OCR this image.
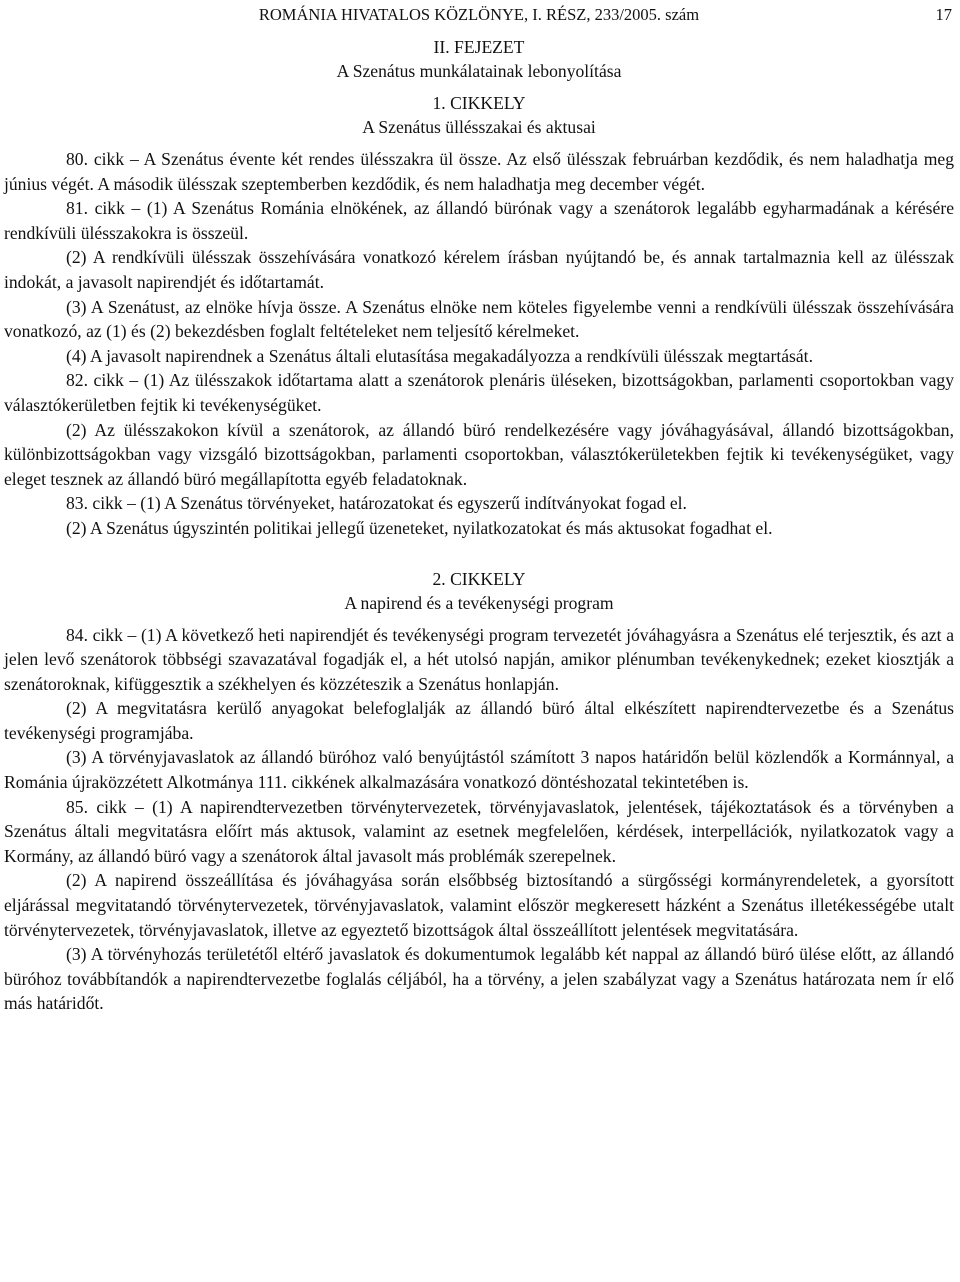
ROMÁNIA HIVATALOS KÖZLÖNYE, I. RÉSZ, 233/2005. szám	17
II. FEJEZET
A Szenátus munkálatainak lebonyolítása
1. CIKKELY
A Szenátus üllésszakai és aktusai

80. cikk – A Szenátus évente két rendes ülésszakra ül össze. Az első ülésszak februárban kezdődik, és nem haladhatja meg június végét. A második ülésszak szeptemberben kezdődik, és nem haladhatja meg december végét.

81. cikk – (1) A Szenátus Románia elnökének, az állandó bürónak vagy a szenátorok legalább egyharmadának a kérésére rendkívüli ülésszakokra is összeül.

(2) A rendkívüli ülésszak összehívására vonatkozó kérelem írásban nyújtandó be, és annak tartalmaznia kell az ülésszak indokát, a javasolt napirendjét és időtartamát.

(3) A Szenátust, az elnöke hívja össze. A Szenátus elnöke nem köteles figyelembe venni a rendkívüli ülésszak összehívására vonatkozó, az (1) és (2) bekezdésben foglalt feltételeket nem teljesítő kérelmeket.

(4) A javasolt napirendnek a Szenátus általi elutasítása megakadályozza a rendkívüli ülésszak megtartását.

82. cikk – (1) Az ülésszakok időtartama alatt a szenátorok plenáris üléseken, bizottságokban, parlamenti csoportokban vagy választókerületben fejtik ki tevékenységüket.

(2) Az ülésszakokon kívül a szenátorok, az állandó büró rendelkezésére vagy jóváhagyásával, állandó bizottságokban, különbizottságokban vagy vizsgáló bizottságokban, parlamenti csoportokban, választókerületekben fejtik ki tevékenységüket, vagy eleget tesznek az állandó büró megállapította egyéb feladatoknak.

83. cikk – (1) A Szenátus törvényeket, határozatokat és egyszerű indítványokat fogad el.

(2) A Szenátus úgyszintén politikai jellegű üzeneteket, nyilatkozatokat és más aktusokat fogadhat el.

2. CIKKELY
A napirend és a tevékenységi program

84. cikk – (1) A következő heti napirendjét és tevékenységi program tervezetét jóváhagyásra a Szenátus elé terjesztik, és azt a jelen levő szenátorok többségi szavazatával fogadják el, a hét utolsó napján, amikor plénumban tevékenykednek; ezeket kiosztják a szenátoroknak, kifüggesztik a székhelyen és közzéteszik a Szenátus honlapján.

(2) A megvitatásra kerülő anyagokat belefoglalják az állandó büró által elkészített napirendtervezetbe és a Szenátus tevékenységi programjába.

(3) A törvényjavaslatok az állandó büróhoz való benyújtástól számított 3 napos határidőn belül közlendők a Kormánnyal, a Románia újraközzétett Alkotmánya 111. cikkének alkalmazására vonatkozó döntéshozatal tekintetében is.

85. cikk – (1) A napirendtervezetben törvénytervezetek, törvényjavaslatok, jelentések, tájékoztatások és a törvényben a Szenátus általi megvitatásra előírt más aktusok, valamint az esetnek megfelelően, kérdések, interpellációk, nyilatkozatok vagy a Kormány, az állandó büró vagy a szenátorok által javasolt más problémák szerepelnek.

(2) A napirend összeállítása és jóváhagyása során elsőbbség biztosítandó a sürgősségi kormányrendeletek, a gyorsított eljárással megvitatandó törvénytervezetek, törvényjavaslatok, valamint először megkeresett házként a Szenátus illetékességébe utalt törvénytervezetek, törvényjavaslatok, illetve az egyeztető bizottságok által összeállított jelentések megvitatására.

(3) A törvényhozás területétől eltérő javaslatok és dokumentumok legalább két nappal az állandó büró ülése előtt, az állandó büróhoz továbbítandók a napirendtervezetbe foglalás céljából, ha a törvény, a jelen szabályzat vagy a Szenátus határozata nem ír elő más határidőt.
